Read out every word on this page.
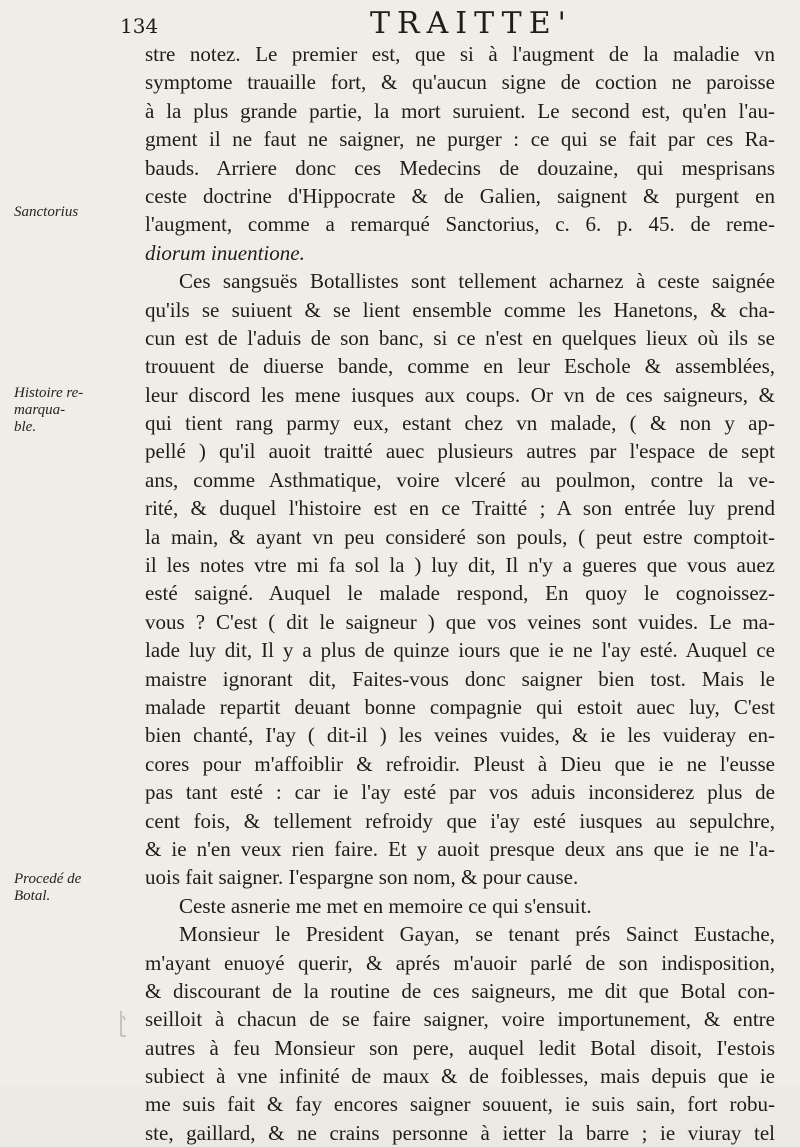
134	TRAITTE'
Sanctorius
Histoire re-
marqua-
ble.
Procedé de
Botal.
stre notez. Le premier est, que si à l'augment de la maladie vn
symptome trauaille fort, & qu'aucun signe de coction ne paroisse
à la plus grande partie, la mort suruient. Le second est, qu'en l'au-
gment il ne faut ne saigner, ne purger : ce qui se fait par ces Ra-
bauds. Arriere donc ces Medecins de douzaine, qui mesprisans
ceste doctrine d'Hippocrate & de Galien, saignent & purgent en
l'augment, comme a remarqué Sanctorius, c. 6. p. 45. de reme-
diorum inuentione.
Ces sangsuës Botallistes sont tellement acharnez à ceste saignée
qu'ils se suiuent & se lient ensemble comme les Hanetons, & cha-
cun est de l'aduis de son banc, si ce n'est en quelques lieux où ils se
trouuent de diuerse bande, comme en leur Eschole & assemblées,
leur discord les mene iusques aux coups. Or vn de ces saigneurs, &
qui tient rang parmy eux, estant chez vn malade, ( & non y ap-
pellé ) qu'il auoit traitté auec plusieurs autres par l'espace de sept
ans, comme Asthmatique, voire vlceré au poulmon, contre la ve-
rité, & duquel l'histoire est en ce Traitté ; A son entrée luy prend
la main, & ayant vn peu consideré son pouls, ( peut estre comptoit-
il les notes vtre mi fa sol la ) luy dit, Il n'y a gueres que vous auez
esté saigné. Auquel le malade respond, En quoy le cognoissez-
vous ? C'est ( dit le saigneur ) que vos veines sont vuides. Le ma-
lade luy dit, Il y a plus de quinze iours que ie ne l'ay esté. Auquel ce
maistre ignorant dit, Faites-vous donc saigner bien tost. Mais le
malade repartit deuant bonne compagnie qui estoit auec luy, C'est
bien chanté, I'ay ( dit-il ) les veines vuides, & ie les vuideray en-
cores pour m'affoiblir & refroidir. Pleust à Dieu que ie ne l'eusse
pas tant esté : car ie l'ay esté par vos aduis inconsiderez plus de
cent fois, & tellement refroidy que i'ay esté iusques au sepulchre,
& ie n'en veux rien faire. Et y auoit presque deux ans que ie ne l'a-
uois fait saigner. I'espargne son nom, & pour cause.
Ceste asnerie me met en memoire ce qui s'ensuit.
Monsieur le President Gayan, se tenant prés Sainct Eustache,
m'ayant enuoyé querir, & aprés m'auoir parlé de son indisposition,
& discourant de la routine de ces saigneurs, me dit que Botal con-
seilloit à chacun de se faire saigner, voire importunement, & entre
autres à feu Monsieur son pere, auquel ledit Botal disoit, I'estois
subiect à vne infinité de maux & de foiblesses, mais depuis que ie
me suis fait & fay encores saigner souuent, ie suis sain, fort robu-
ste, gaillard, & ne crains personne à ietter la barre ; ie viuray tel
